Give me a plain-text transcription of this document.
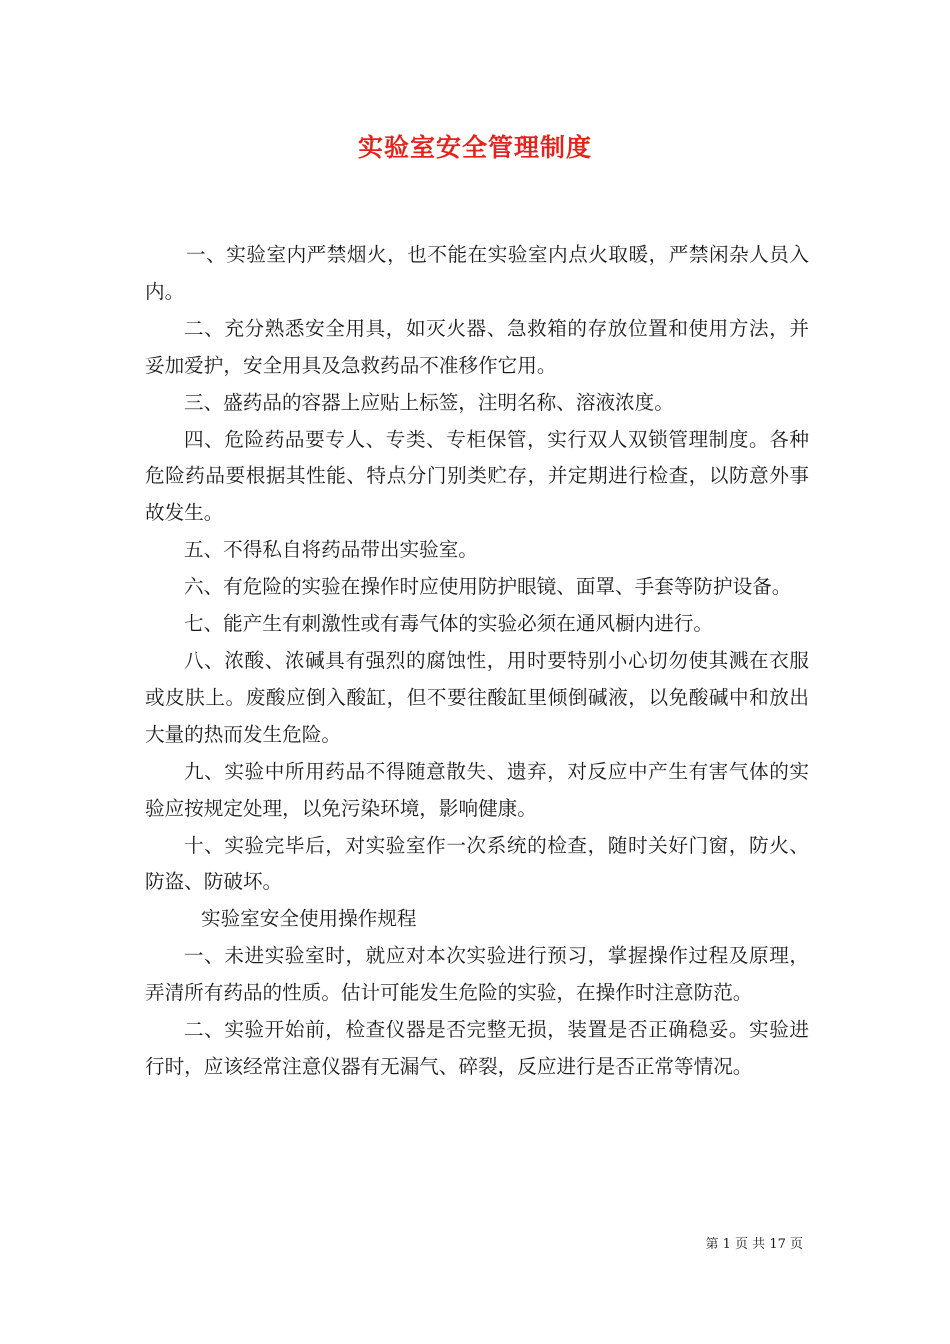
实验室安全管理制度

一、实验室内严禁烟火，也不能在实验室内点火取暖，严禁闲杂人员入内。

二、充分熟悉安全用具，如灭火器、急救箱的存放位置和使用方法，并妥加爱护，安全用具及急救药品不准移作它用。

三、盛药品的容器上应贴上标签，注明名称、溶液浓度。

四、危险药品要专人、专类、专柜保管，实行双人双锁管理制度。各种危险药品要根据其性能、特点分门别类贮存，并定期进行检查，以防意外事故发生。

五、不得私自将药品带出实验室。

六、有危险的实验在操作时应使用防护眼镜、面罩、手套等防护设备。

七、能产生有刺激性或有毒气体的实验必须在通风橱内进行。

八、浓酸、浓碱具有强烈的腐蚀性，用时要特别小心切勿使其溅在衣服或皮肤上。废酸应倒入酸缸，但不要往酸缸里倾倒碱液，以免酸碱中和放出大量的热而发生危险。

九、实验中所用药品不得随意散失、遗弃，对反应中产生有害气体的实验应按规定处理，以免污染环境，影响健康。

十、实验完毕后，对实验室作一次系统的检查，随时关好门窗，防火、防盗、防破坏。

实验室安全使用操作规程

一、未进实验室时，就应对本次实验进行预习，掌握操作过程及原理，弄清所有药品的性质。估计可能发生危险的实验，在操作时注意防范。

二、实验开始前，检查仪器是否完整无损，装置是否正确稳妥。实验进行时，应该经常注意仪器有无漏气、碎裂，反应进行是否正常等情况。

第 1 页 共 17 页
